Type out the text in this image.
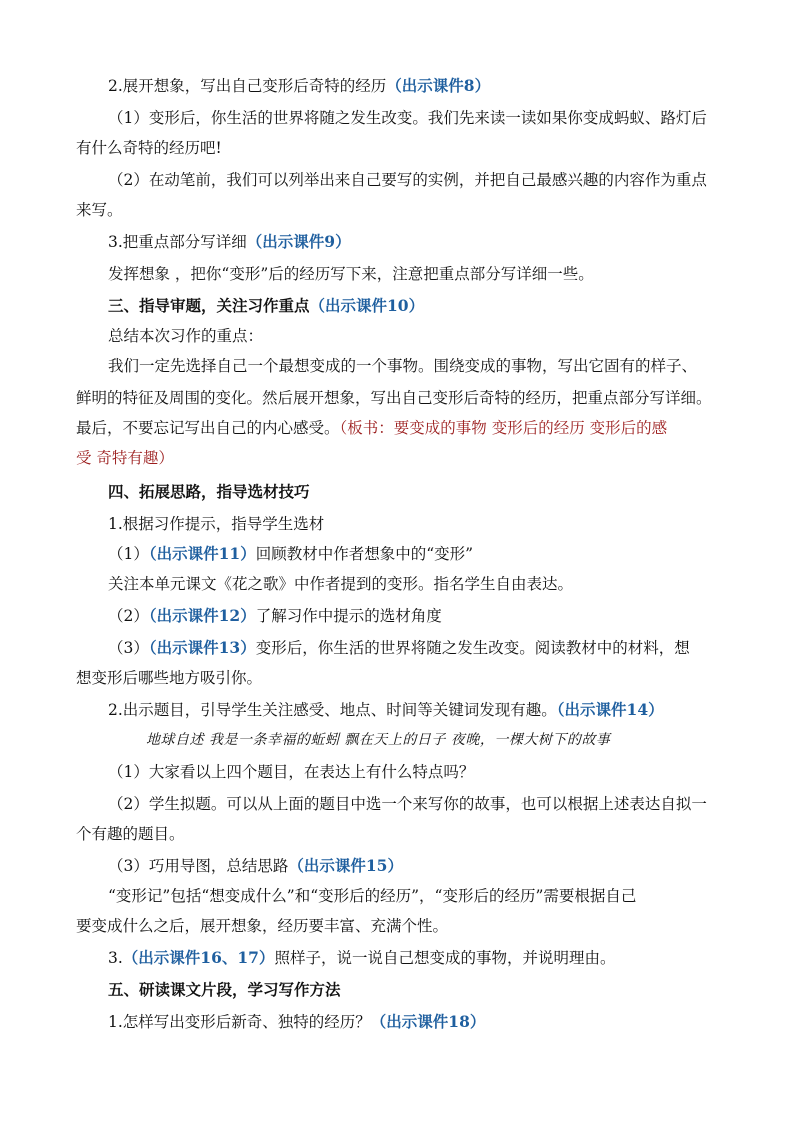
2.展开想象，写出自己变形后奇特的经历（出示课件8）
（1）变形后，你生活的世界将随之发生改变。我们先来读一读如果你变成蚂蚁、路灯后
有什么奇特的经历吧!
（2）在动笔前，我们可以列举出来自己要写的实例，并把自己最感兴趣的内容作为重点
来写。
3.把重点部分写详细（出示课件9）
发挥想象 ，把你“变形”后的经历写下来，注意把重点部分写详细一些。
三、指导审题，关注习作重点（出示课件10）
总结本次习作的重点：
我们一定先选择自己一个最想变成的一个事物。围绕变成的事物，写出它固有的样子、
鲜明的特征及周围的变化。然后展开想象，写出自己变形后奇特的经历，把重点部分写详细。
最后，不要忘记写出自己的内心感受。（板书：要变成的事物 变形后的经历 变形后的感
受 奇特有趣）
四、拓展思路，指导选材技巧
1.根据习作提示，指导学生选材
（1）（出示课件11）回顾教材中作者想象中的“变形”
关注本单元课文《花之歌》中作者提到的变形。指名学生自由表达。
（2）（出示课件12）了解习作中提示的选材角度
（3）（出示课件13）变形后，你生活的世界将随之发生改变。阅读教材中的材料，想
想变形后哪些地方吸引你。
2.出示题目，引导学生关注感受、地点、时间等关键词发现有趣。（出示课件14）
地球自述 我是一条幸福的蚯蚓 飘在天上的日子 夜晚，一棵大树下的故事
（1）大家看以上四个题目，在表达上有什么特点吗？
（2）学生拟题。可以从上面的题目中选一个来写你的故事，也可以根据上述表达自拟一
个有趣的题目。
（3）巧用导图，总结思路（出示课件15）
“变形记”包括“想变成什么”和“变形后的经历”，“变形后的经历”需要根据自己
要变成什么之后，展开想象，经历要丰富、充满个性。
3.（出示课件16、17）照样子，说一说自己想变成的事物，并说明理由。
五、研读课文片段，学习写作方法
1.怎样写出变形后新奇、独特的经历？（出示课件18）
